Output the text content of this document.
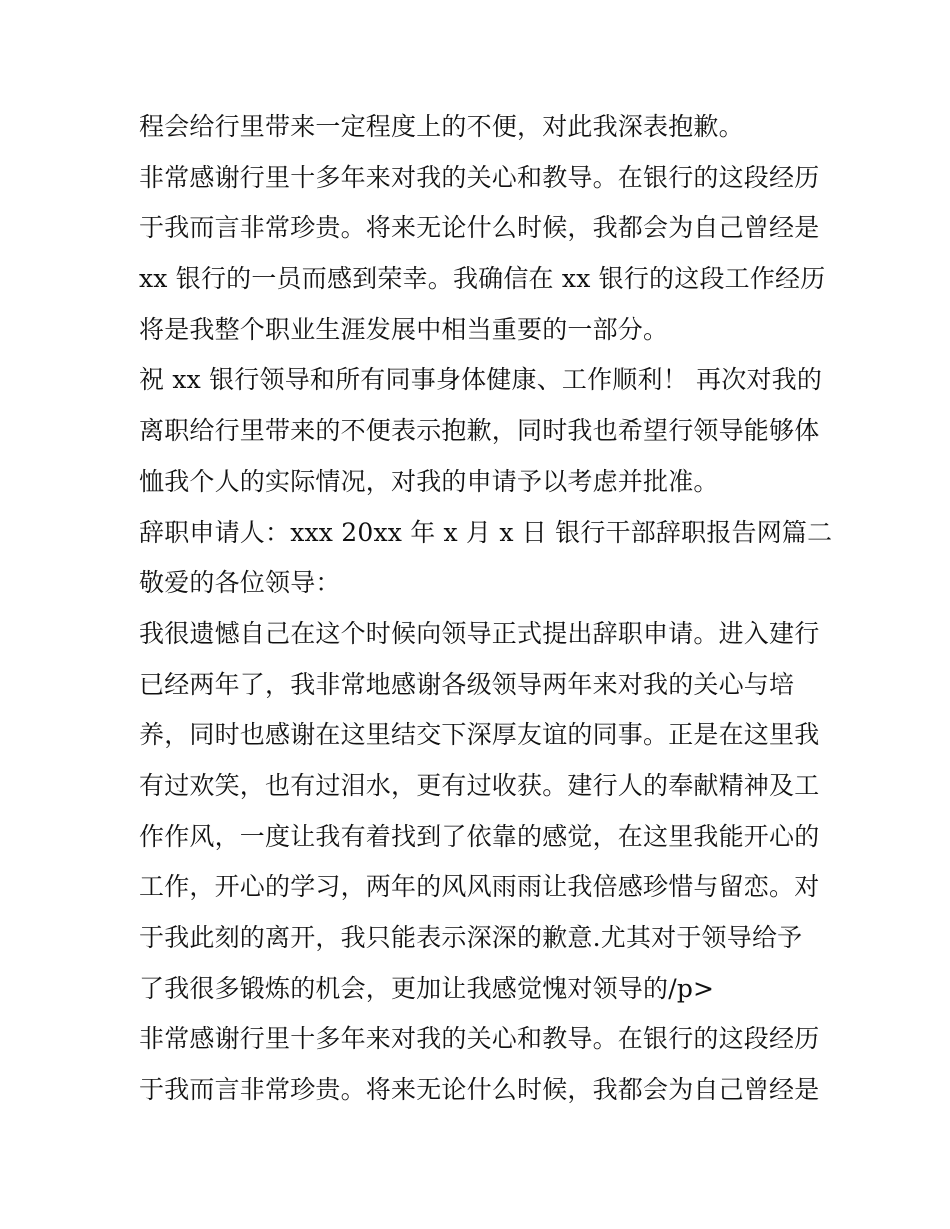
程会给行里带来一定程度上的不便，对此我深表抱歉。
非常感谢行里十多年来对我的关心和教导。在银行的这段经历
于我而言非常珍贵。将来无论什么时候，我都会为自己曾经是
xx 银行的一员而感到荣幸。我确信在 xx 银行的这段工作经历
将是我整个职业生涯发展中相当重要的一部分。
祝 xx 银行领导和所有同事身体健康、工作顺利！ 再次对我的
离职给行里带来的不便表示抱歉，同时我也希望行领导能够体
恤我个人的实际情况，对我的申请予以考虑并批准。
辞职申请人：xxx 20xx 年 x 月 x 日 银行干部辞职报告网篇二
敬爱的各位领导：
我很遗憾自己在这个时候向领导正式提出辞职申请。进入建行
已经两年了，我非常地感谢各级领导两年来对我的关心与培
养，同时也感谢在这里结交下深厚友谊的同事。正是在这里我
有过欢笑，也有过泪水，更有过收获。建行人的奉献精神及工
作作风，一度让我有着找到了依靠的感觉，在这里我能开心的
工作，开心的学习，两年的风风雨雨让我倍感珍惜与留恋。对
于我此刻的离开，我只能表示深深的歉意.尤其对于领导给予
了我很多锻炼的机会，更加让我感觉愧对领导的/p>
非常感谢行里十多年来对我的关心和教导。在银行的这段经历
于我而言非常珍贵。将来无论什么时候，我都会为自己曾经是
